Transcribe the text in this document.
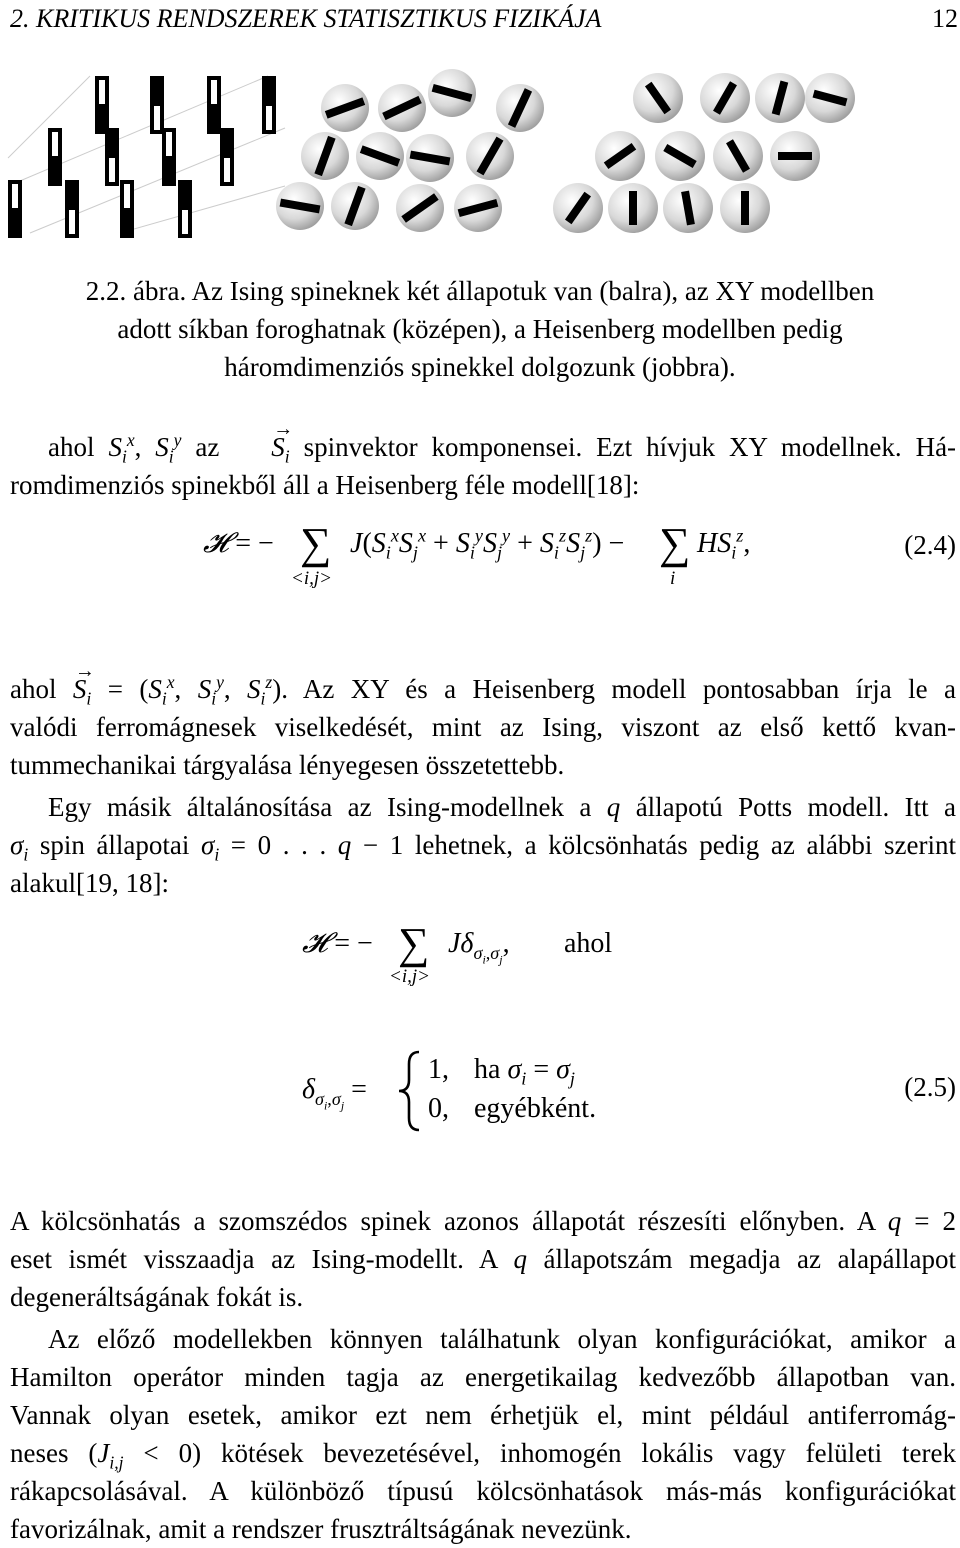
2. KRITIKUS RENDSZEREK STATISZTIKUS FIZIKÁJA	12
2.2. ábra. Az Ising spineknek két állapotuk van (balra), az XY modellben
adott síkban foroghatnak (középen), a Heisenberg modellben pedig
háromdimenziós spinekkel dolgozunk (jobbra).

ahol $S_i^x$, $S_i^y$ az → $S_i$ spinvektor komponensei. Ezt hívjuk XY modellnek. Há-

romdimenziós spinekből áll a Heisenberg féle modell[18]:

𝓗 = − ∑
<i,j>
$J(S_i^xS_j^x + S_i^yS_j^y + S_i^zS_j^z)$ − ∑
i
$HS_i^z$,	(2.4)

ahol → $S_i = (S_i^x$, $S_i^y$, $S_i^z$). Az XY és a Heisenberg modell pontosabban írja le a

valódi ferromágnesek viselkedését, mint az Ising, viszont az első kettő kvan-

tummechanikai tárgyalása lényegesen összetettebb.

Egy másik általánosítása az Ising-modellnek a q állapotú Potts modell. Itt a

$\sigma_i$ spin állapotai $\sigma_i = 0$ . . . q − 1 lehetnek, a kölcsönhatás pedig az alábbi szerint

alakul[19, 18]:

𝓗 = − ∑
<i,j>
$J\delta_{\sigma_i,\sigma_j}$, ahol
$\delta_{\sigma_i,\sigma_j}$ =
1, ha $\sigma_i = \sigma_j$
0, egyébként.
(2.5)

A kölcsönhatás a szomszédos spinek azonos állapotát részesíti előnyben. A q = 2

eset ismét visszaadja az Ising-modellt. A q állapotszám megadja az alapállapot

degeneráltságának fokát is.

Az előző modellekben könnyen találhatunk olyan konfigurációkat, amikor a

Hamilton operátor minden tagja az energetikailag kedvezőbb állapotban van.

Vannak olyan esetek, amikor ezt nem érhetjük el, mint például antiferromág-

neses $(J_{i,j} < 0)$ kötések bevezetésével, inhomogén lokális vagy felületi terek

rákapcsolásával. A különböző típusú kölcsönhatások más-más konfigurációkat

favorizálnak, amit a rendszer frusztráltságának nevezünk.
